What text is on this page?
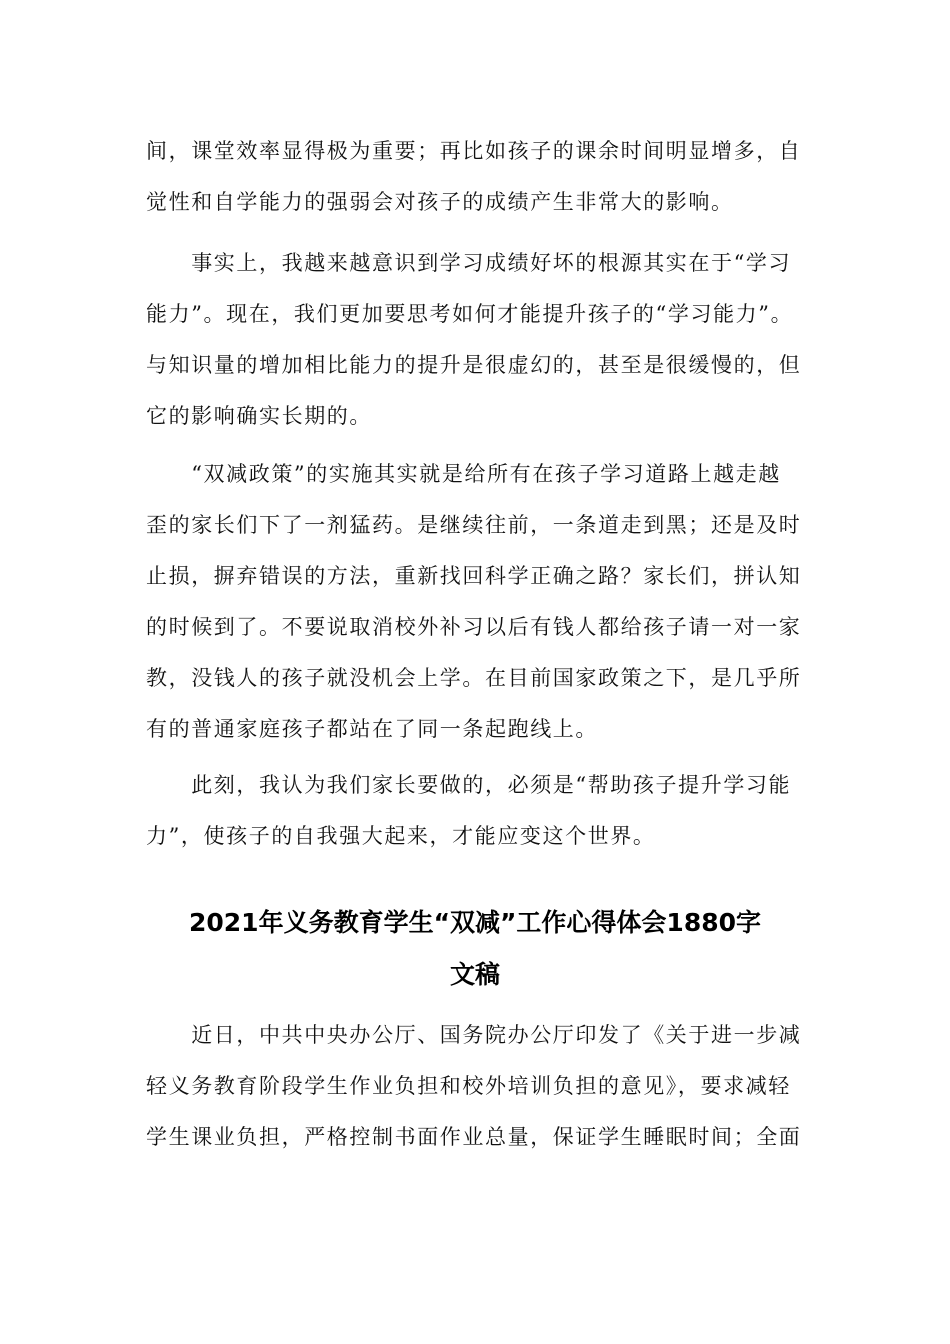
间，课堂效率显得极为重要；再比如孩子的课余时间明显增多，自
觉性和自学能力的强弱会对孩子的成绩产生非常大的影响。
　　事实上，我越来越意识到学习成绩好坏的根源其实在于“学习
能力”。现在，我们更加要思考如何才能提升孩子的“学习能力”。
与知识量的增加相比能力的提升是很虚幻的，甚至是很缓慢的，但
它的影响确实长期的。
　　“双减政策”的实施其实就是给所有在孩子学习道路上越走越
歪的家长们下了一剂猛药。是继续往前，一条道走到黑；还是及时
止损，摒弃错误的方法，重新找回科学正确之路？家长们，拼认知
的时候到了。不要说取消校外补习以后有钱人都给孩子请一对一家
教，没钱人的孩子就没机会上学。在目前国家政策之下，是几乎所
有的普通家庭孩子都站在了同一条起跑线上。
　　此刻，我认为我们家长要做的，必须是“帮助孩子提升学习能
力”，使孩子的自我强大起来，才能应变这个世界。
2021年义务教育学生“双减”工作心得体会1880字
文稿
　　近日，中共中央办公厅、国务院办公厅印发了《关于进一步减
轻义务教育阶段学生作业负担和校外培训负担的意见》，要求减轻
学生课业负担，严格控制书面作业总量，保证学生睡眠时间；全面
